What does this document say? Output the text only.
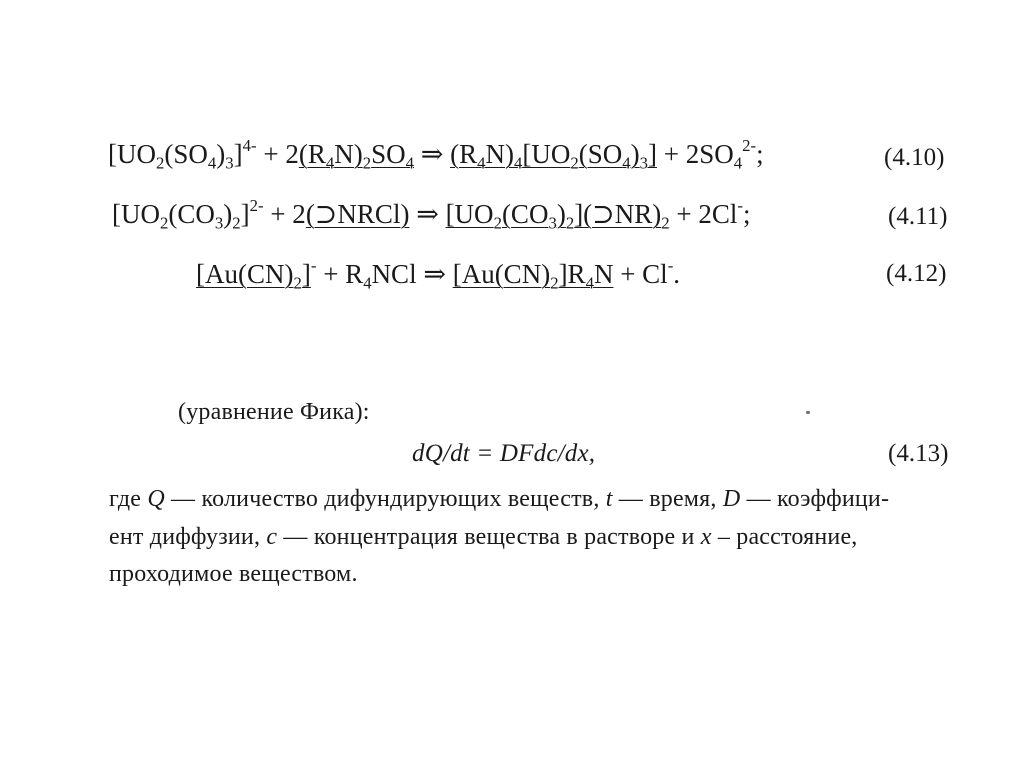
$[UO_2(SO_4)_3]^{4-} + 2(R_4N)_2SO_4$ ⇒ $(R_4N)_4[UO_2(SO_4)_3] + 2SO_4^{2-}$;	(4.10)
$[UO_2(CO_3)_2]^{2-}$ + 2(⊃NRCl) ⇒ $[UO_2(CO_3)_2](⊃NR)_2 + 2Cl^-$;	(4.11)
$[Au(CN)_2]^- + R_4NCl$ ⇒ $[Au(CN)_2]R_4N + Cl^-$.	(4.12)
(уравнение Фика):
dQ/dt = DFdc/dx,	(4.13)
где Q — количество дифундирующих веществ, t — время, D — коэффици-
ент диффузии, c — концентрация вещества в растворе и x – расстояние,
проходимое веществом.
